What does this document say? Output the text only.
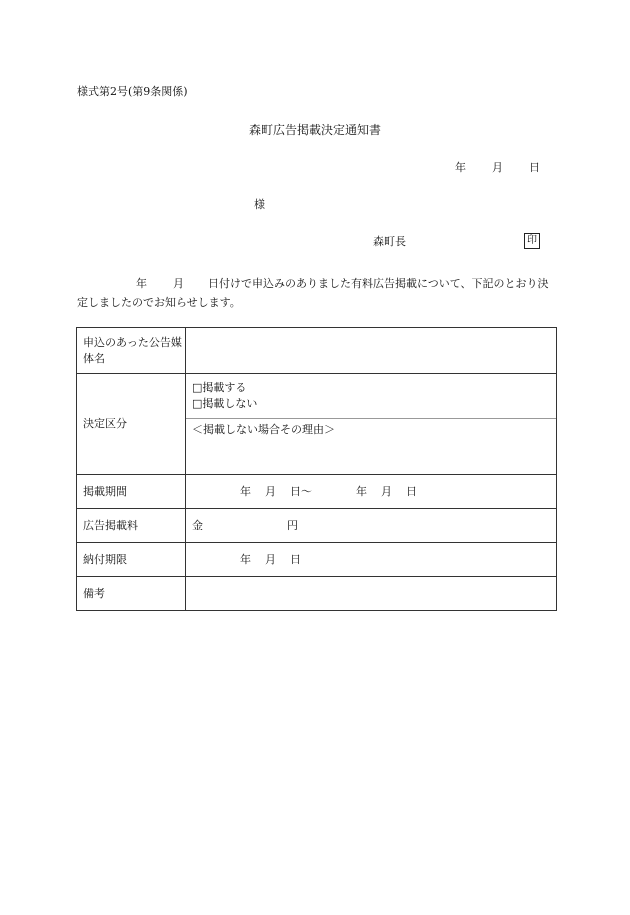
様式第2号(第9条関係)
森町広告掲載決定通知書
年 月 日
様
森町長	印
年 月 日付けで申込みのありました有料広告掲載について、下記のとおり決定しましたのでお知らせします。
申込のあった公告媒体名	
決定区分	□掲載する
□掲載しない
＜掲載しない場合その理由＞

掲載期間	年 月 日～ 年 月 日
広告掲載料	金 円
納付期限	年 月 日
備考	
